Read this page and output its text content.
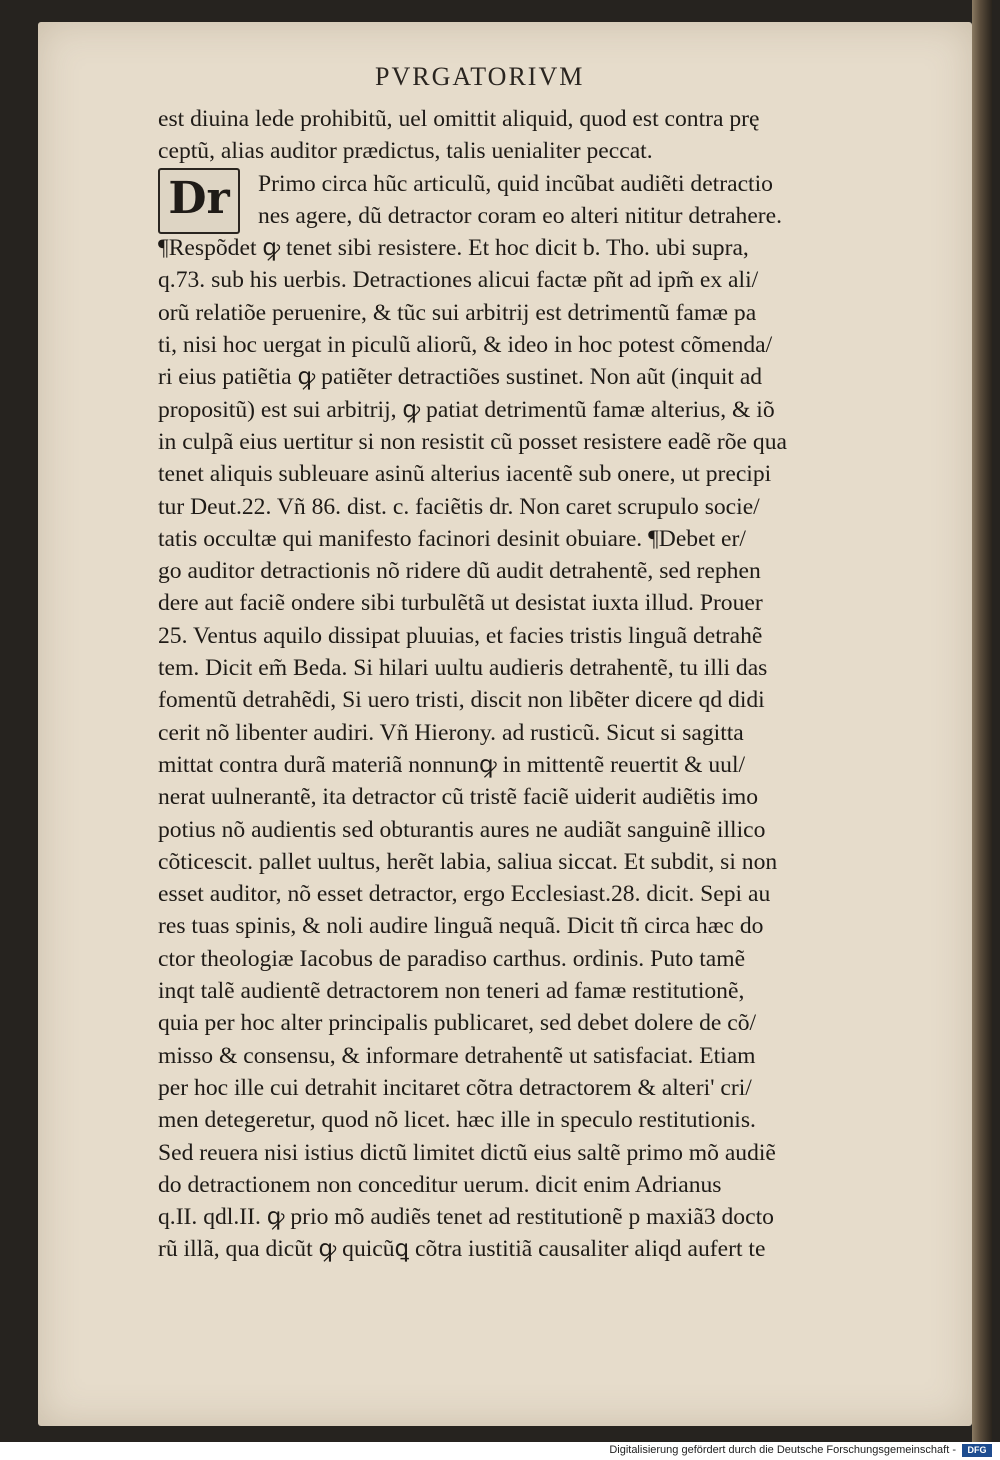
PVRGATORIVM
Dr
est diuina lede prohibitũ, uel omittit aliquid, quod est contra prę
ceptũ, alias auditor prædictus, talis uenialiter peccat.
Primo circa hũc articulũ, quid incũbat audiẽti detractio
nes agere, dũ detractor coram eo alteri nititur detrahere.
¶Respõdet ꝙ tenet sibi resistere. Et hoc dicit b. Tho. ubi supra,
q.73. sub his uerbis. Detractiones alicui factæ pñt ad ipm̃ ex ali/
orũ relatiõe peruenire, & tũc sui arbitrij est detrimentũ famæ pa
ti, nisi hoc uergat in piculũ aliorũ, & ideo in hoc potest cõmenda/
ri eius patiẽtia ꝙ patiẽter detractiões sustinet. Non aũt (inquit ad
propositũ) est sui arbitrij, ꝙ patiat detrimentũ famæ alterius, & iõ
in culpã eius uertitur si non resistit cũ posset resistere eadẽ rõe qua
tenet aliquis subleuare asinũ alterius iacentẽ sub onere, ut precipi
tur Deut.22. Vñ 86. dist. c. faciẽtis dr. Non caret scrupulo socie/
tatis occultæ qui manifesto facinori desinit obuiare. ¶Debet er/
go auditor detractionis nõ ridere dũ audit detrahentẽ, sed rephen
dere aut faciẽ ondere sibi turbulẽtã ut desistat iuxta illud. Prouer
25. Ventus aquilo dissipat pluuias, et facies tristis linguã detrahẽ
tem. Dicit em̃ Beda. Si hilari uultu audieris detrahentẽ, tu illi das
fomentũ detrahẽdi, Si uero tristi, discit non libẽter dicere qd didi
cerit nõ libenter audiri. Vñ Hierony. ad rusticũ. Sicut si sagitta
mittat contra durã materiã nonnunꝙ in mittentẽ reuertit & uul/
nerat uulnerantẽ, ita detractor cũ tristẽ faciẽ uiderit audiẽtis imo
potius nõ audientis sed obturantis aures ne audiãt sanguinẽ illico
cõticescit. pallet uultus, herẽt labia, saliua siccat. Et subdit, si non
esset auditor, nõ esset detractor, ergo Ecclesiast.28. dicit. Sepi au
res tuas spinis, & noli audire linguã nequã. Dicit tñ circa hæc do
ctor theologiæ Iacobus de paradiso carthus. ordinis. Puto tamẽ
inqt talẽ audientẽ detractorem non teneri ad famæ restitutionẽ,
quia per hoc alter principalis publicaret, sed debet dolere de cõ/
misso & consensu, & informare detrahentẽ ut satisfaciat. Etiam
per hoc ille cui detrahit incitaret cõtra detractorem & alteri' cri/
men detegeretur, quod nõ licet. hæc ille in speculo restitutionis.
Sed reuera nisi istius dictũ limitet dictũ eius saltẽ primo mõ audiẽ
do detractionem non conceditur uerum. dicit enim Adrianus
q.II. qdl.II. ꝙ prio mõ audiẽs tenet ad restitutionẽ p maxiã3 docto
rũ illã, qua dicũt ꝙ quicũꝗ cõtra iustitiã causaliter aliqd aufert te
Digitalisierung gefördert durch die Deutsche Forschungsgemeinschaft -	DFG
